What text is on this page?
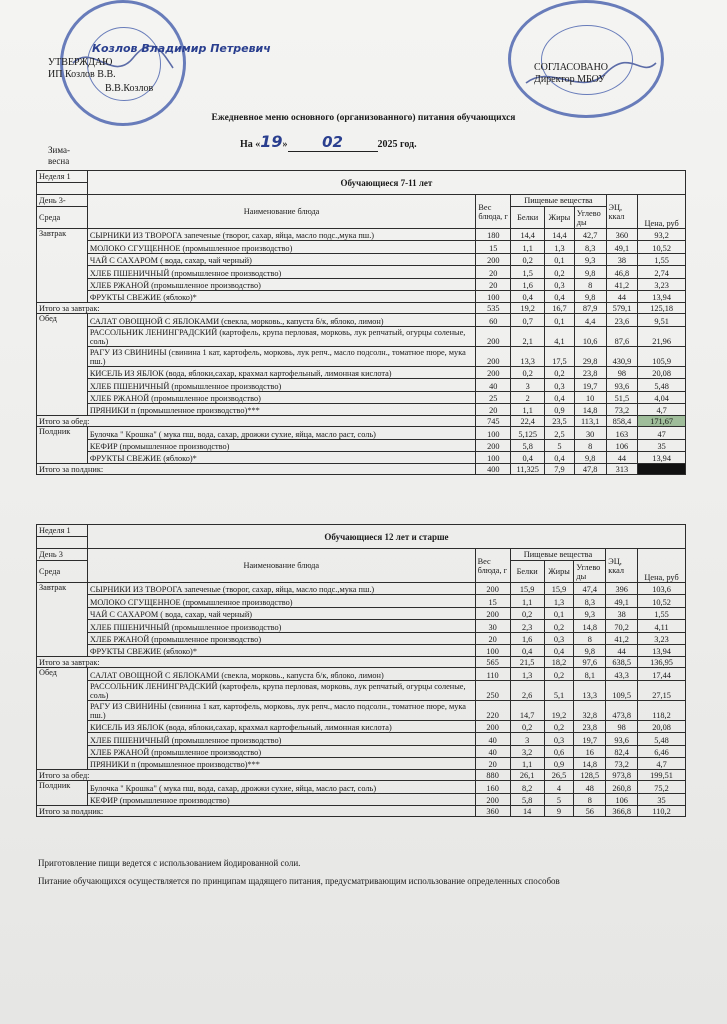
Козлов Владимир Петревич
УТВЕРЖДАЮ
ИП Козлов В.В.
В.В.Козлов
СОГЛАСОВАНО
Директор МБОУ
Ежедневное меню основного (организованного) питания обучающихся
На «19» 02	2025 год.
Зима-весна
Неделя 1	Обучающиеся 7-11 лет						

День 3-	Наименование блюда	Вес блюда, г	Пищевые вещества			ЭЦ, ккал	Цена, руб
Среда			Белки	Жиры	Углево ды		
Завтрак	СЫРНИКИ ИЗ ТВОРОГА запеченые (творог, сахар, яйца, масло подс.,мука пш.)	180	14,4	14,4	42,7	360	93,2
	МОЛОКО СГУЩЕННОЕ (промышленное производство)	15	1,1	1,3	8,3	49,1	10,52
	ЧАЙ С САХАРОМ ( вода, сахар, чай черный)	200	0,2	0,1	9,3	38	1,55
	ХЛЕБ ПШЕНИЧНЫЙ (промышленное производство)	20	1,5	0,2	9,8	46,8	2,74
	ХЛЕБ РЖАНОЙ (промышленное производство)	20	1,6	0,3	8	41,2	3,23
	ФРУКТЫ СВЕЖИЕ (яблоко)*	100	0,4	0,4	9,8	44	13,94
Итого за завтрак:		535	19,2	16,7	87,9	579,1	125,18
Обед	САЛАТ ОВОЩНОЙ С ЯБЛОКАМИ (свекла, морковь., капуста б/к, яблоко, лимон)	60	0,7	0,1	4,4	23,6	9,51
	РАССОЛЬНИК ЛЕНИНГРАДСКИЙ (картофель, крупа перловая, морковь, лук репчатый, огурцы соленые, соль)	200	2,1	4,1	10,6	87,6	21,96
	РАГУ ИЗ СВИНИНЫ (свинина 1 кат, картофель, морковь, лук репч., масло подсолн., томатное пюре, мука пш.)	200	13,3	17,5	29,8	430,9	105,9
	КИСЕЛЬ ИЗ ЯБЛОК (вода, яблоки,сахар, крахмал картофельный, лимонная кислота)	200	0,2	0,2	23,8	98	20,08
	ХЛЕБ ПШЕНИЧНЫЙ (промышленное производство)	40	3	0,3	19,7	93,6	5,48
	ХЛЕБ РЖАНОЙ (промышленное производство)	25	2	0,4	10	51,5	4,04
	ПРЯНИКИ п (промышленное производство)***	20	1,1	0,9	14,8	73,2	4,7
Итого за обед:		745	22,4	23,5	113,1	858,4	171,67
Полдник	Булочка " Крошка" ( мука пш, вода, сахар, дрожжи сухие, яйца, масло раст, соль)	100	5,125	2,5	30	163	47
	КЕФИР (промышленное производство)	200	5,8	5	8	106	35
	ФРУКТЫ СВЕЖИЕ (яблоко)*	100	0,4	0,4	9,8	44	13,94
Итого за полдник:		400	11,325	7,9	47,8	313	
Неделя 1	Обучающиеся 12 лет и старше						

День 3	Наименование блюда	Вес блюда, г	Пищевые вещества			ЭЦ, ккал	Цена, руб
Среда			Белки	Жиры	Углево ды		
Завтрак	СЫРНИКИ ИЗ ТВОРОГА запеченые (творог, сахар, яйца, масло подс.,мука пш.)	200	15,9	15,9	47,4	396	103,6
	МОЛОКО СГУЩЕННОЕ (промышленное производство)	15	1,1	1,3	8,3	49,1	10,52
	ЧАЙ С САХАРОМ ( вода, сахар, чай черный)	200	0,2	0,1	9,3	38	1,55
	ХЛЕБ ПШЕНИЧНЫЙ (промышленное производство)	30	2,3	0,2	14,8	70,2	4,11
	ХЛЕБ РЖАНОЙ (промышленное производство)	20	1,6	0,3	8	41,2	3,23
	ФРУКТЫ СВЕЖИЕ (яблоко)*	100	0,4	0,4	9,8	44	13,94
Итого за завтрак:		565	21,5	18,2	97,6	638,5	136,95
Обед	САЛАТ ОВОЩНОЙ С ЯБЛОКАМИ (свекла, морковь., капуста б/к, яблоко, лимон)	110	1,3	0,2	8,1	43,3	17,44
	РАССОЛЬНИК ЛЕНИНГРАДСКИЙ (картофель, крупа перловая, морковь, лук репчатый, огурцы соленые, соль)	250	2,6	5,1	13,3	109,5	27,15
	РАГУ ИЗ СВИНИНЫ (свинина 1 кат, картофель, морковь, лук репч., масло подсолн., томатное пюре, мука пш.)	220	14,7	19,2	32,8	473,8	118,2
	КИСЕЛЬ ИЗ ЯБЛОК (вода, яблоки,сахар, крахмал картофельный, лимонная кислота)	200	0,2	0,2	23,8	98	20,08
	ХЛЕБ ПШЕНИЧНЫЙ (промышленное производство)	40	3	0,3	19,7	93,6	5,48
	ХЛЕБ РЖАНОЙ (промышленное производство)	40	3,2	0,6	16	82,4	6,46
	ПРЯНИКИ п (промышленное производство)***	20	1,1	0,9	14,8	73,2	4,7
Итого за обед:		880	26,1	26,5	128,5	973,8	199,51
Полдник	Булочка " Крошка" ( мука пш, вода, сахар, дрожжи сухие, яйца, масло раст, соль)	160	8,2	4	48	260,8	75,2
	КЕФИР (промышленное производство)	200	5,8	5	8	106	35
Итого за полдник:		360	14	9	56	366,8	110,2
Приготовление пищи ведется с использованием йодированной соли.
Питание обучающихся осуществляется по принципам щадящего питания, предусматривающим использование определенных способов
